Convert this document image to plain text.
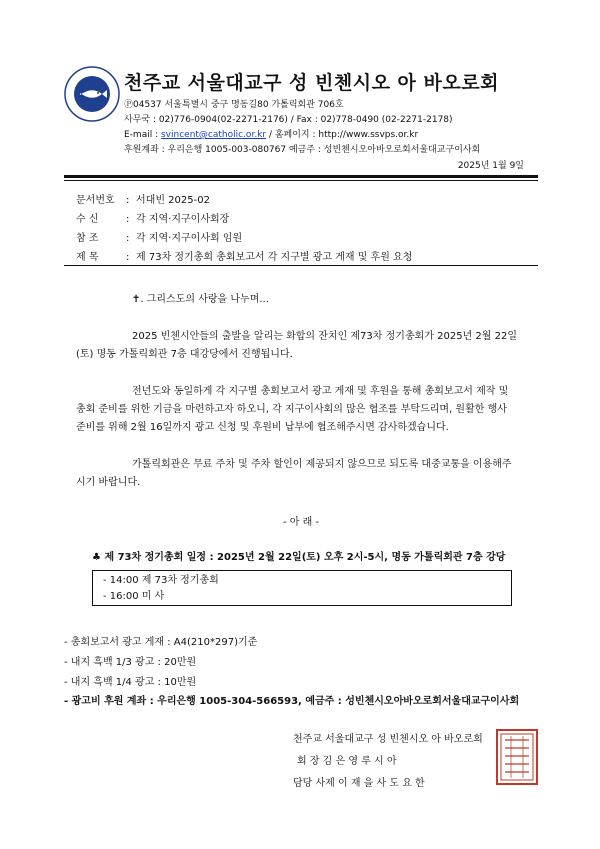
천주교 서울대교구 성 빈첸시오 아 바오로회
Ⓟ04537 서울특별시 중구 명동길80 가톨릭회관 706호
사무국 : 02)776-0904(02-2271-2176) / Fax : 02)778-0490 (02-2271-2178)
E-mail : svincent@catholic.or.kr / 홈페이지 : http://www.ssvps.or.kr
후원계좌 : 우리은행 1005-003-080767 예금주 : 성빈첸시오아바오로회서울대교구이사회
2025년 1월 9일
문서번호 : 서대빈 2025-02
수 신	: 각 지역·지구이사회장
참 조	: 각 지역·지구이사회 임원
제 목	: 제 73차 정기총회 총회보고서 각 지구별 광고 게재 및 후원 요청
✝. 그리스도의 사랑을 나누며...
2025 빈첸시안들의 출발을 알리는 화합의 잔치인 제73차 정기총회가 2025년 2월 22일
(토) 명동 가톨릭회관 7층 대강당에서 진행됩니다.
전년도와 동일하게 각 지구별 총회보고서 광고 게재 및 후원을 통해 총회보고서 제작 및
총회 준비를 위한 기금을 마련하고자 하오니, 각 지구이사회의 많은 협조를 부탁드리며, 원활한 행사
준비를 위해 2월 16일까지 광고 신청 및 후원비 납부에 협조해주시면 감사하겠습니다.
가톨릭회관은 무료 주차 및 주차 할인이 제공되지 않으므로 되도록 대중교통을 이용해주
시기 바랍니다.
- 아 래 -
♣ 제 73차 정기총회 일정 : 2025년 2월 22일(토) 오후 2시-5시, 명동 가톨릭회관 7층 강당
- 14:00 제 73차 정기총회
- 16:00 미 사
- 총회보고서 광고 게재 : A4(210*297)기준
- 내지 흑백 1/3 광고 : 20만원
- 내지 흑백 1/4 광고 : 10만원
- 광고비 후원 계좌 : 우리은행 1005-304-566593, 예금주 : 성빈첸시오아바오로회서울대교구이사회
천주교 서울대교구 성 빈첸시오 아 바오로회
회 장 김 은 영 루 시 아
담당 사제 이 재 을 사 도 요 한
